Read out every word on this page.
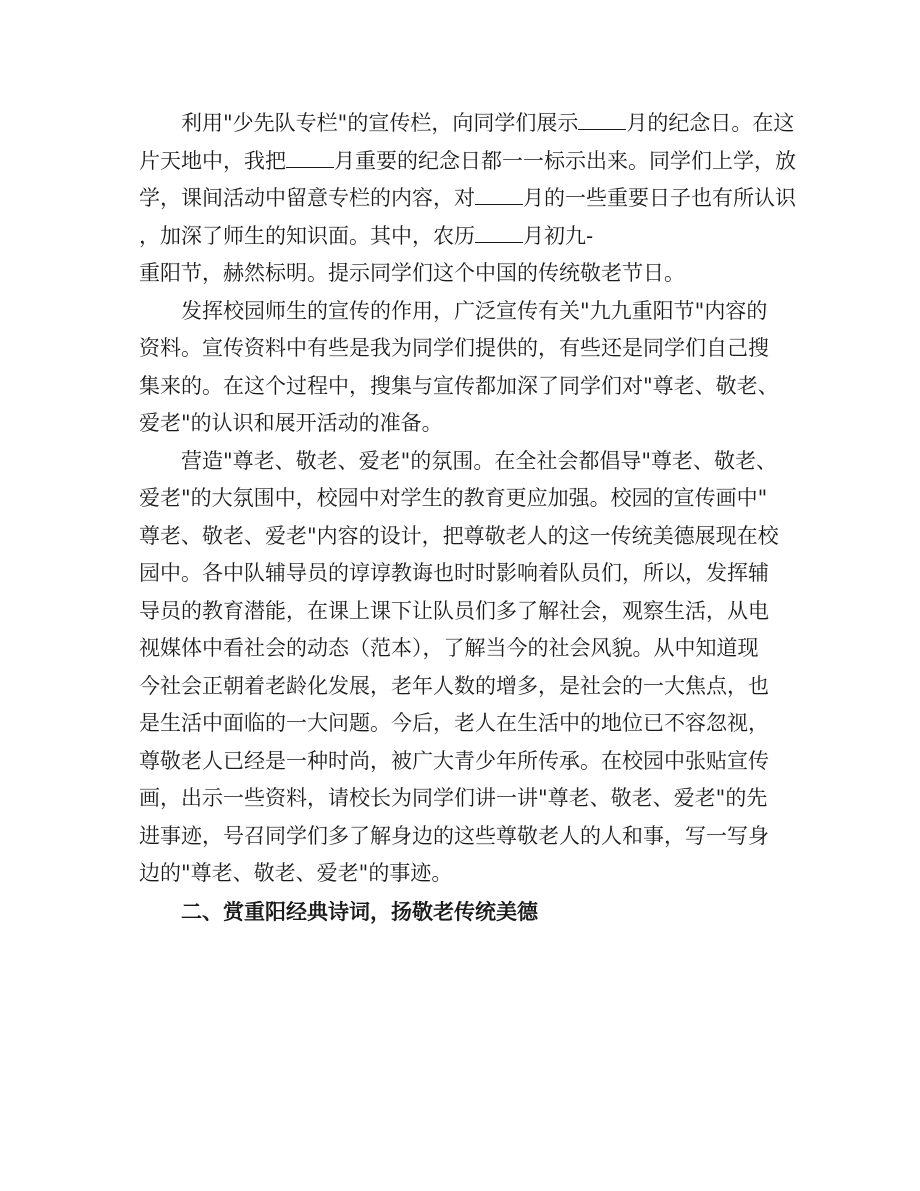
利用"少先队专栏"的宣传栏，向同学们展示 月的纪念日。在这
片天地中，我把 月重要的纪念日都一一标示出来。同学们上学，放
学，课间活动中留意专栏的内容，对 月的一些重要日子也有所认识
，加深了师生的知识面。其中，农历 月初九-
重阳节，赫然标明。提示同学们这个中国的传统敬老节日。
发挥校园师生的宣传的作用，广泛宣传有关"九九重阳节"内容的
资料。宣传资料中有些是我为同学们提供的，有些还是同学们自己搜
集来的。在这个过程中，搜集与宣传都加深了同学们对"尊老、敬老、
爱老"的认识和展开活动的准备。
营造"尊老、敬老、爱老"的氛围。在全社会都倡导"尊老、敬老、
爱老"的大氛围中，校园中对学生的教育更应加强。校园的宣传画中"
尊老、敬老、爱老"内容的设计，把尊敬老人的这一传统美德展现在校
园中。各中队辅导员的谆谆教诲也时时影响着队员们，所以，发挥辅
导员的教育潜能，在课上课下让队员们多了解社会，观察生活，从电
视媒体中看社会的动态（范本），了解当今的社会风貌。从中知道现
今社会正朝着老龄化发展，老年人数的增多，是社会的一大焦点，也
是生活中面临的一大问题。今后，老人在生活中的地位已不容忽视，
尊敬老人已经是一种时尚，被广大青少年所传承。在校园中张贴宣传
画，出示一些资料，请校长为同学们讲一讲"尊老、敬老、爱老"的先
进事迹，号召同学们多了解身边的这些尊敬老人的人和事，写一写身
边的"尊老、敬老、爱老"的事迹。
二、赏重阳经典诗词，扬敬老传统美德
